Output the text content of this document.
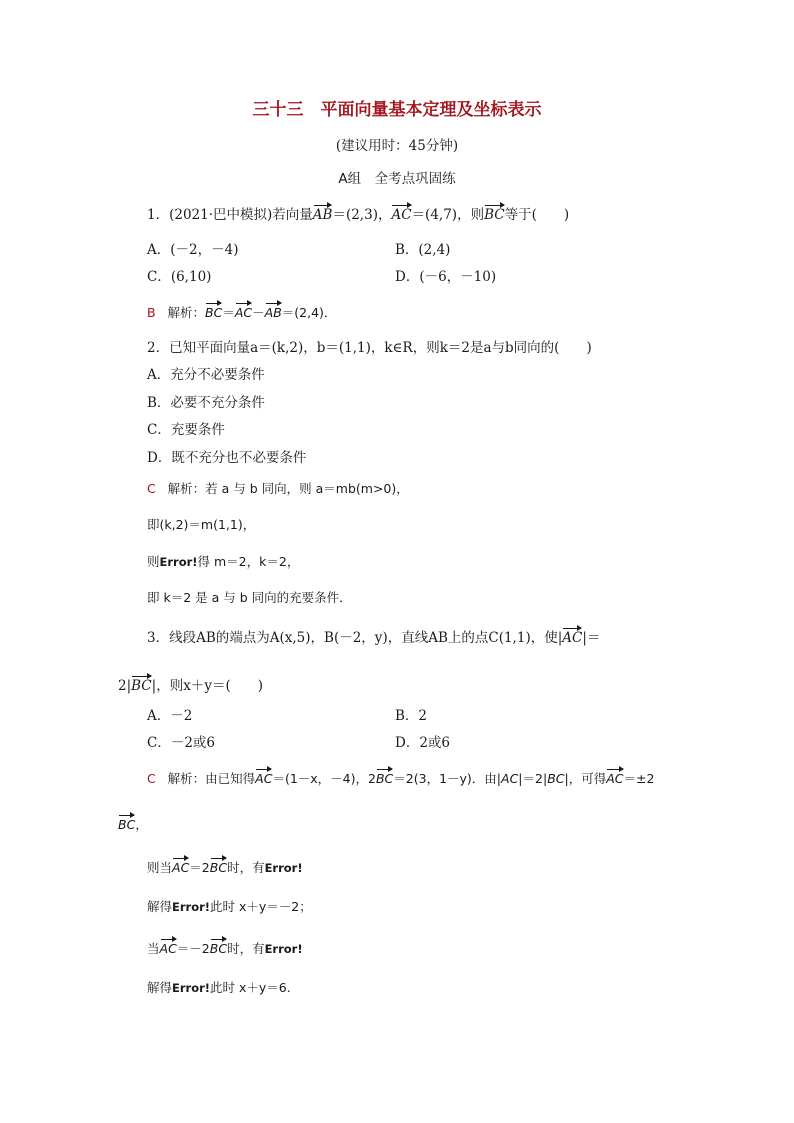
三十三　平面向量基本定理及坐标表示
(建议用时：45分钟)
A组　全考点巩固练
1．(2021·巴中模拟)若向量AB＝(2,3)，AC＝(4,7)，则BC等于(　　)
A．(－2，－4)	B．(2,4)
C．(6,10)	D．(－6，－10)
B 解析：BC＝AC－AB＝(2,4)．
2．已知平面向量a＝(k,2)，b＝(1,1)，k∈R，则k＝2是a与b同向的(　　)
A．充分不必要条件
B．必要不充分条件
C．充要条件
D．既不充分也不必要条件
C 解析：若 a 与 b 同向，则 a＝mb(m>0)，
即(k,2)＝m(1,1)，
则Error!得 m＝2，k＝2，
即 k＝2 是 a 与 b 同向的充要条件．
3．线段AB的端点为A(x,5)，B(－2，y)，直线AB上的点C(1,1)，使|AC|＝
2|BC|，则x＋y＝(　　)
A．－2	B．2
C．－2或6	D．2或6
C 解析：由已知得AC＝(1－x，－4)，2BC＝2(3，1－y)．由|AC|＝2|BC|，可得AC＝±2
BC，
则当AC＝2BC时，有Error!
解得Error!此时 x＋y＝－2；
当AC＝－2BC时，有Error!
解得Error!此时 x＋y＝6.
